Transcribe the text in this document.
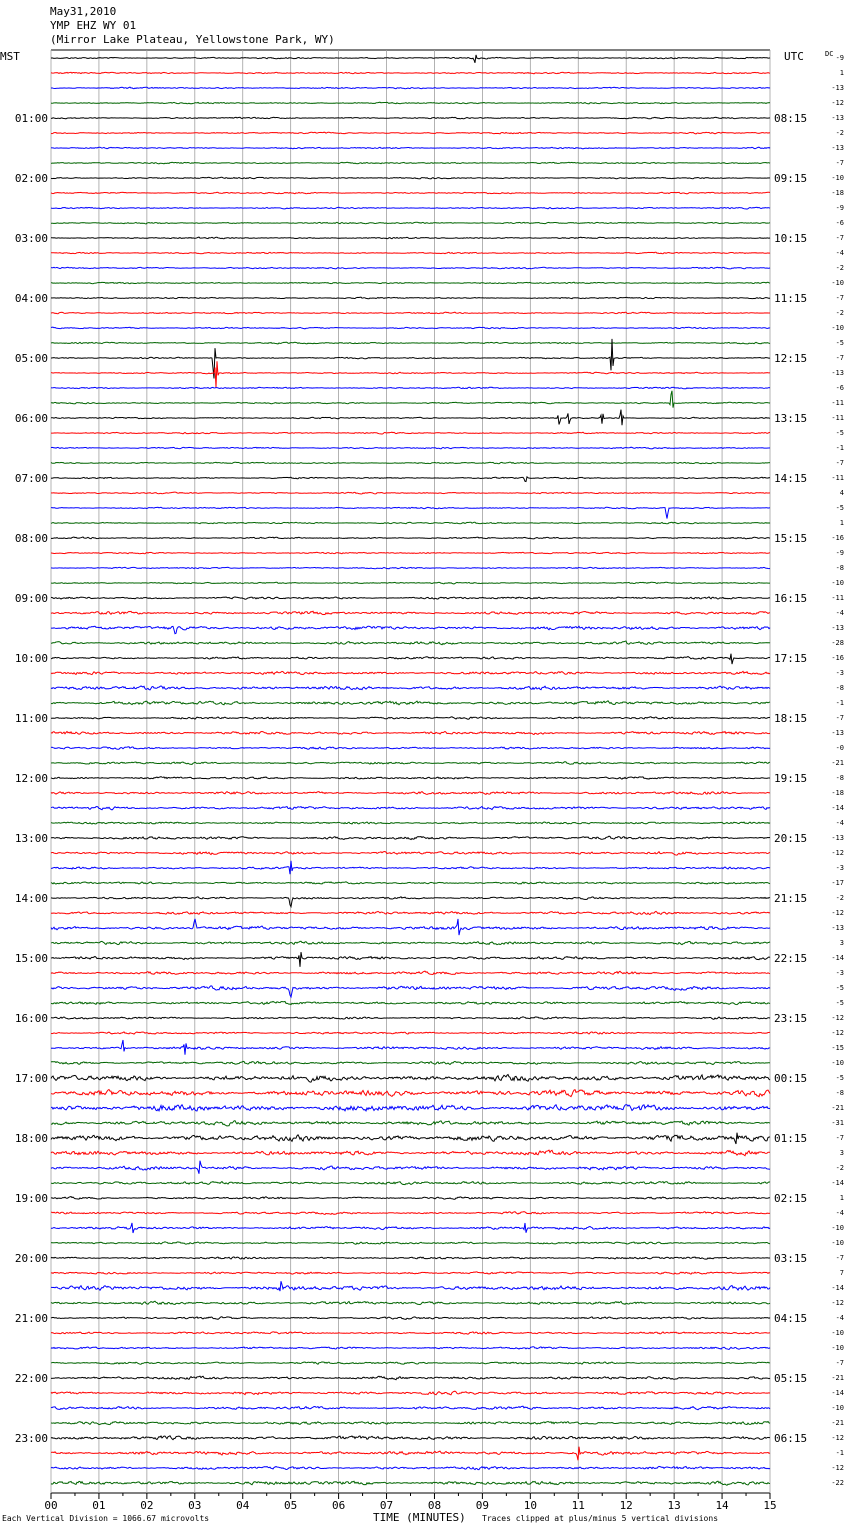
May31,2010
YMP EHZ WY 01
(Mirror Lake Plateau, Yellowstone Park, WY)
MST	UTC	DC
00	01	02	03	04	05	06	07	08	09	10	11	12	13	14	15
-9
1
-13
-12
-13
-2
-13
-7
-10
-18
-9
-6
-7
-4
-2
-10
-7
-2
-10
-5
-7
-13
-6
-11
-11
-5
-1
-7
-11
4
-5
1
-16
-9
-8
-10
-11
-4
-13
-28
-16
-3
-8
-1
-7
-13
-0
-21
-8
-18
-14
-4
-13
-12
-3
-17
-2
-12
-13
3
-14
-3
-5
-5
-12
-12
-15
-10
-5
-8
-21
-31
-7
3
-2
-14
1
-4
-10
-10
-7
7
-14
-12
-4
-10
-10
-7
-21
-14
-10
-21
-12
-1
-12
-22
01:00
02:00
03:00
04:00
05:00
06:00
07:00
08:00
09:00
10:00
11:00
12:00
13:00
14:00
15:00
16:00
17:00
18:00
19:00
20:00
21:00
22:00
23:00
08:15
09:15
10:15
11:15
12:15
13:15
14:15
15:15
16:15
17:15
18:15
19:15
20:15
21:15
22:15
23:15
00:15
01:15
02:15
03:15
04:15
05:15
06:15
Each Vertical Division = 1066.67 microvolts	TIME (MINUTES) Traces clipped at plus/minus 5 vertical divisions
